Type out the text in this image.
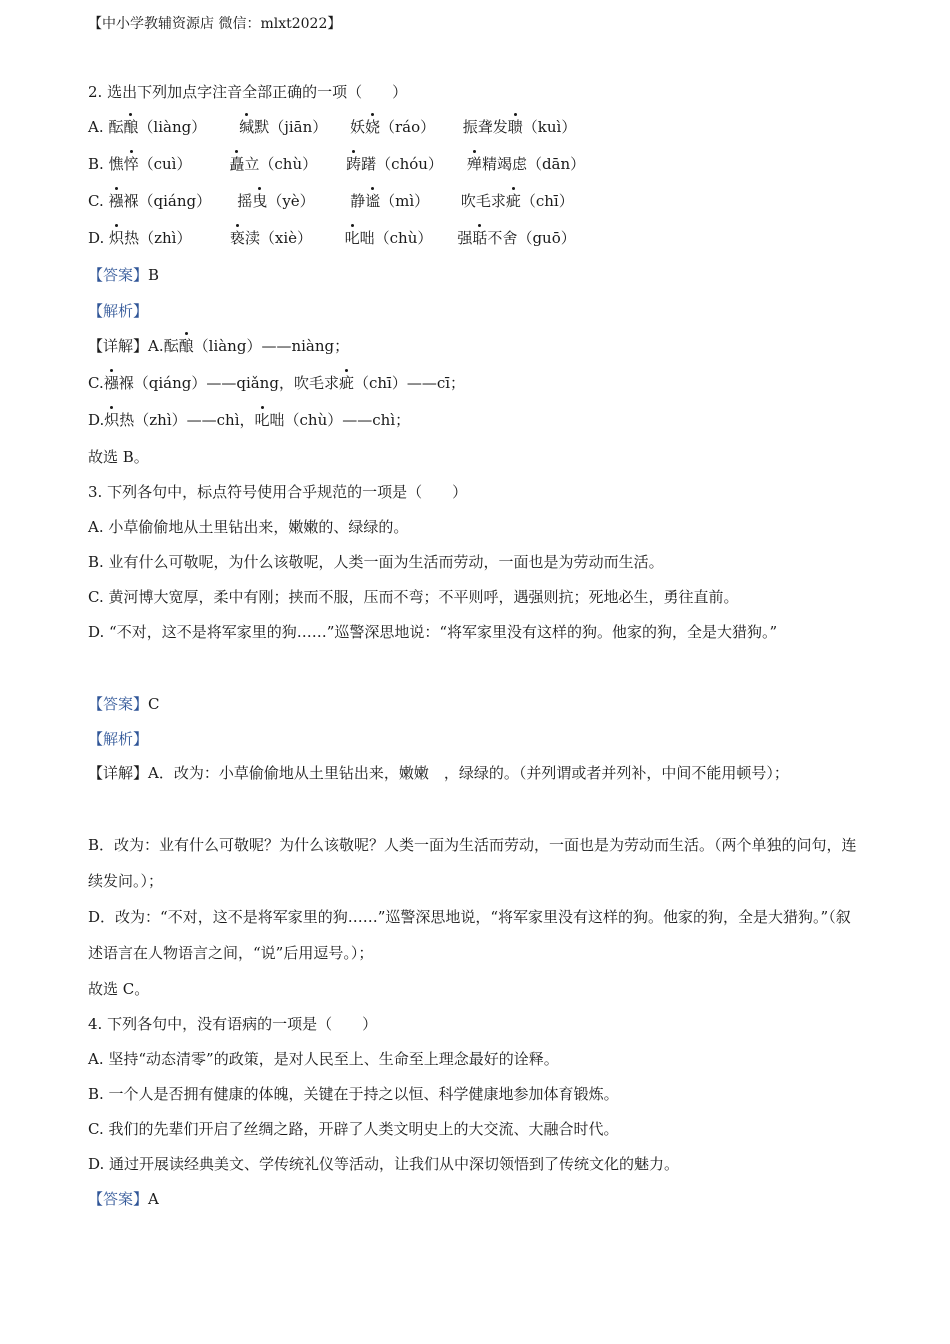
【中小学教辅资源店 微信：mlxt2022】
2. 选出下列加点字注音全部正确的一项（　　）
A. 酝酿（liàng） 缄默（jiān） 妖娆（ráo） 振聋发聩（kuì）
B. 憔悴（cuì）	矗立（chù） 踌躇（chóu） 殚精竭虑（dān）
C. 襁褓（qiáng） 摇曳（yè） 静谧（mì） 吹毛求疵（chī）
D. 炽热（zhì）	亵渎（xiè） 叱咄（chù） 强聒不舍（guō）
【答案】B
【解析】
【详解】A.酝酿（liàng）——niàng；
C.襁褓（qiáng）——qiǎng，吹毛求疵（chī）——cī；
D.炽热（zhì）——chì，叱咄（chù）——chì；
故选 B。
3. 下列各句中，标点符号使用合乎规范的一项是（　　）
A. 小草偷偷地从土里钻出来，嫩嫩的、绿绿的。
B. 业有什么可敬呢，为什么该敬呢，人类一面为生活而劳动，一面也是为劳动而生活。
C. 黄河博大宽厚，柔中有刚；挟而不服，压而不弯；不平则呼，遇强则抗；死地必生，勇往直前。
D. “不对，这不是将军家里的狗……”巡警深思地说：“将军家里没有这样的狗。他家的狗，全是大猎狗。”
【答案】C
【解析】
【详解】A．改为：小草偷偷地从土里钻出来，嫩嫩　，绿绿的。（并列谓或者并列补，中间不能用顿号）；
B．改为：业有什么可敬呢？为什么该敬呢？人类一面为生活而劳动，一面也是为劳动而生活。（两个单独的问句，连续发问。）；
D．改为：“不对，这不是将军家里的狗……”巡警深思地说，“将军家里没有这样的狗。他家的狗，全是大猎狗。”（叙述语言在人物语言之间，“说”后用逗号。）；
故选 C。
4. 下列各句中，没有语病的一项是（　　）
A. 坚持“动态清零”的政策，是对人民至上、生命至上理念最好的诠释。
B. 一个人是否拥有健康的体魄，关键在于持之以恒、科学健康地参加体育锻炼。
C. 我们的先辈们开启了丝绸之路，开辟了人类文明史上的大交流、大融合时代。
D. 通过开展读经典美文、学传统礼仪等活动，让我们从中深切领悟到了传统文化的魅力。
【答案】A
